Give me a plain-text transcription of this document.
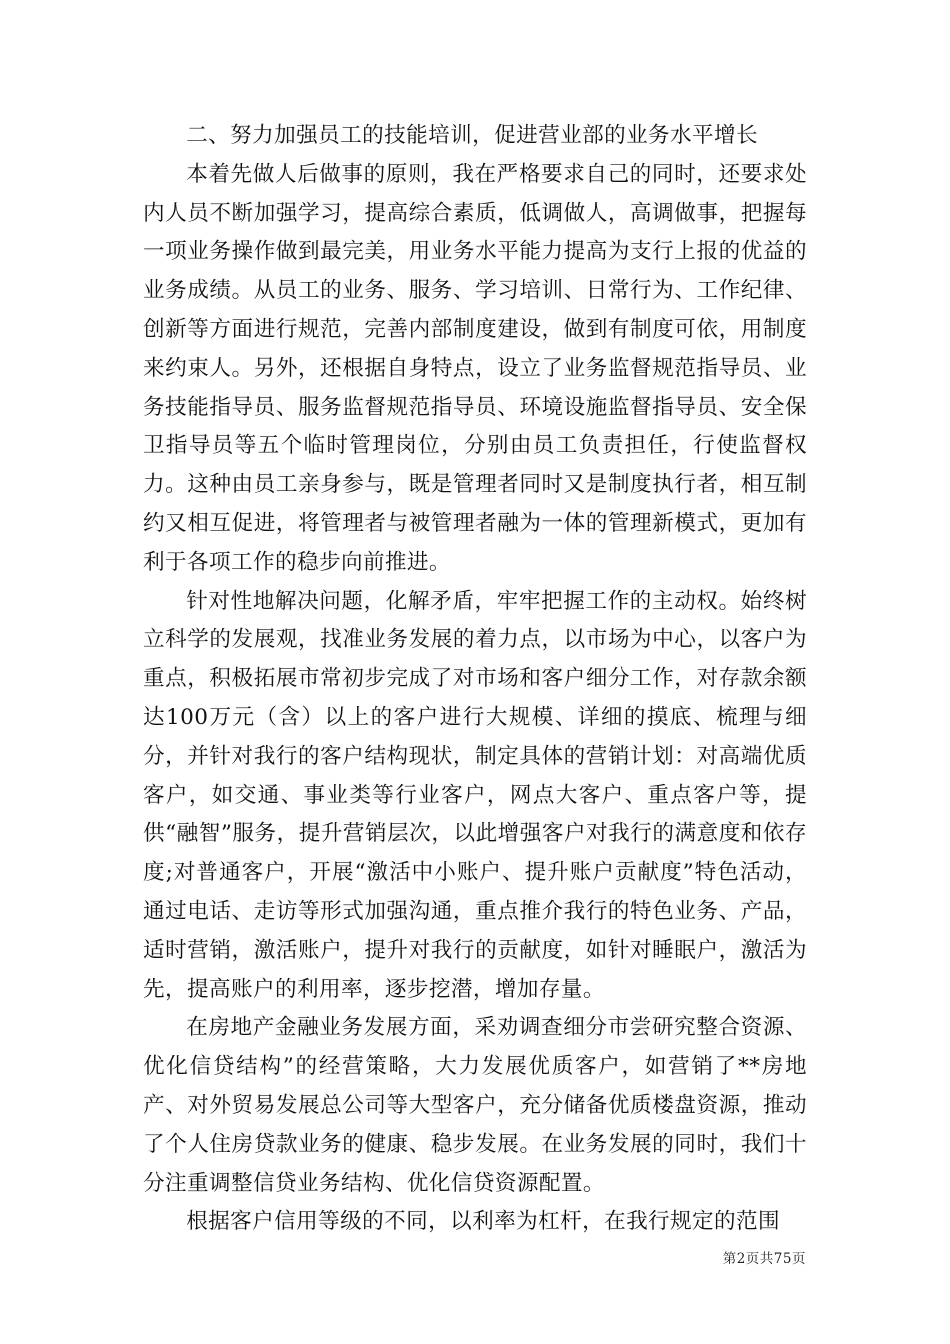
二、努力加强员工的技能培训，促进营业部的业务水平增长

本着先做人后做事的原则，我在严格要求自己的同时，还要求处内人员不断加强学习，提高综合素质，低调做人，高调做事，把握每一项业务操作做到最完美，用业务水平能力提高为支行上报的优益的业务成绩。从员工的业务、服务、学习培训、日常行为、工作纪律、创新等方面进行规范，完善内部制度建设，做到有制度可依，用制度来约束人。另外，还根据自身特点，设立了业务监督规范指导员、业务技能指导员、服务监督规范指导员、环境设施监督指导员、安全保卫指导员等五个临时管理岗位，分别由员工负责担任，行使监督权力。这种由员工亲身参与，既是管理者同时又是制度执行者，相互制约又相互促进，将管理者与被管理者融为一体的管理新模式，更加有利于各项工作的稳步向前推进。

针对性地解决问题，化解矛盾，牢牢把握工作的主动权。始终树立科学的发展观，找准业务发展的着力点，以市场为中心，以客户为重点，积极拓展市常初步完成了对市场和客户细分工作，对存款余额达100万元（含）以上的客户进行大规模、详细的摸底、梳理与细分，并针对我行的客户结构现状，制定具体的营销计划：对高端优质客户，如交通、事业类等行业客户，网点大客户、重点客户等，提供“融智”服务，提升营销层次，以此增强客户对我行的满意度和依存度;对普通客户，开展“激活中小账户、提升账户贡献度”特色活动，通过电话、走访等形式加强沟通，重点推介我行的特色业务、产品，适时营销，激活账户，提升对我行的贡献度，如针对睡眠户，激活为先，提高账户的利用率，逐步挖潜，增加存量。

在房地产金融业务发展方面，采劝调查细分市尝研究整合资源、优化信贷结构”的经营策略，大力发展优质客户，如营销了**房地产、对外贸易发展总公司等大型客户，充分储备优质楼盘资源，推动了个人住房贷款业务的健康、稳步发展。在业务发展的同时，我们十分注重调整信贷业务结构、优化信贷资源配置。

根据客户信用等级的不同，以利率为杠杆，在我行规定的范围

第2页共75页
